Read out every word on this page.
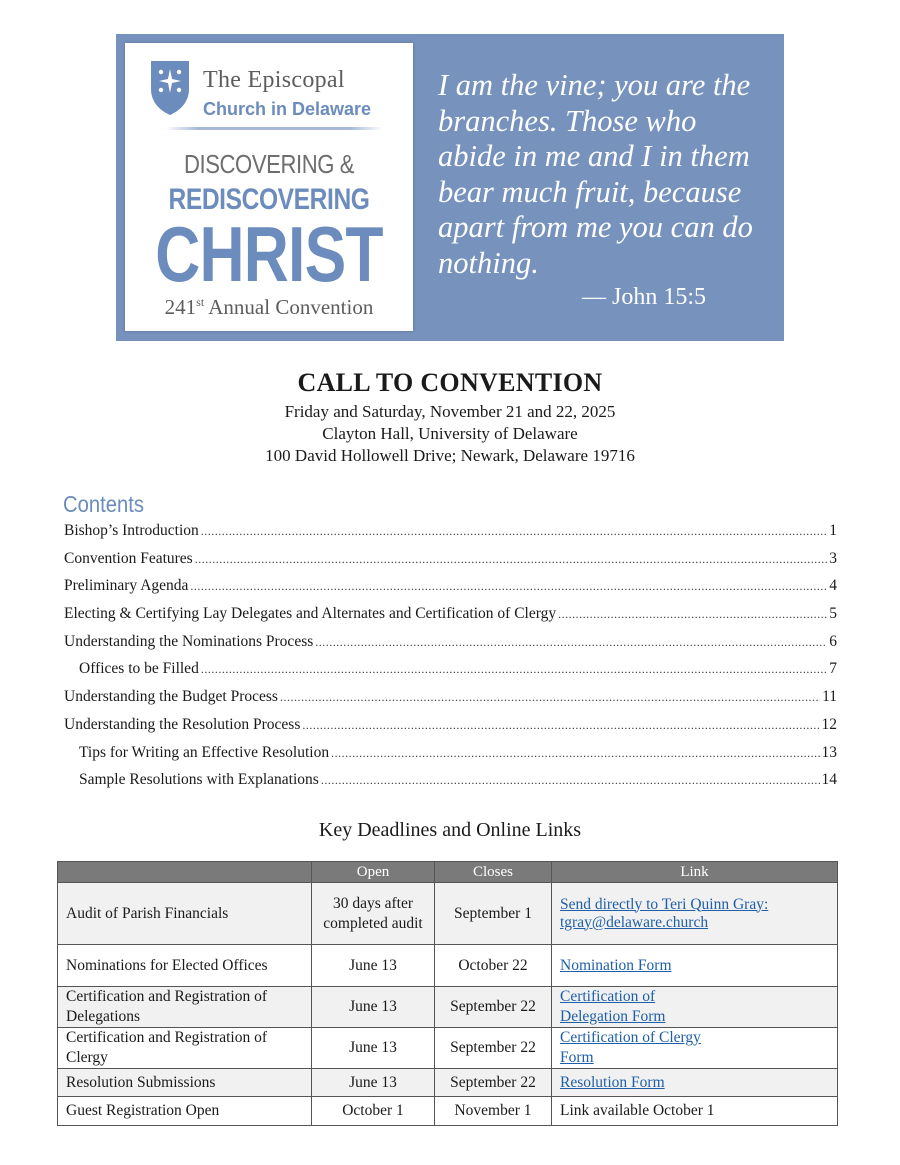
The Episcopal
Church in Delaware
DISCOVERING &
REDISCOVERING
CHRIST
241st Annual Convention
I am the vine; you are the branches. Those who abide in me and I in them bear much fruit, because apart from me you can do nothing.
— John 15:5
CALL TO CONVENTION
Friday and Saturday, November 21 and 22, 2025
Clayton Hall, University of Delaware
100 David Hollowell Drive; Newark, Delaware 19716
Contents
Bishop’s Introduction .....	1
Convention Features .....	3
Preliminary Agenda .....	4
Electing & Certifying Lay Delegates and Alternates and Certification of Clergy .....	5
Understanding the Nominations Process .....	6
Offices to be Filled .....	7
Understanding the Budget Process .....	11
Understanding the Resolution Process .....	12
Tips for Writing an Effective Resolution .....	13
Sample Resolutions with Explanations .....	14
Key Deadlines and Online Links
	Open	Closes	Link
Audit of Parish Financials	30 days after completed audit	September 1	Send directly to Teri Quinn Gray: tgray@delaware.church
Nominations for Elected Offices	June 13	October 22	Nomination Form
Certification and Registration of Delegations	June 13	September 22	Certification of Delegation Form
Certification and Registration of Clergy	June 13	September 22	Certification of Clergy Form
Resolution Submissions	June 13	September 22	Resolution Form
Guest Registration Open	October 1	November 1	Link available October 1
